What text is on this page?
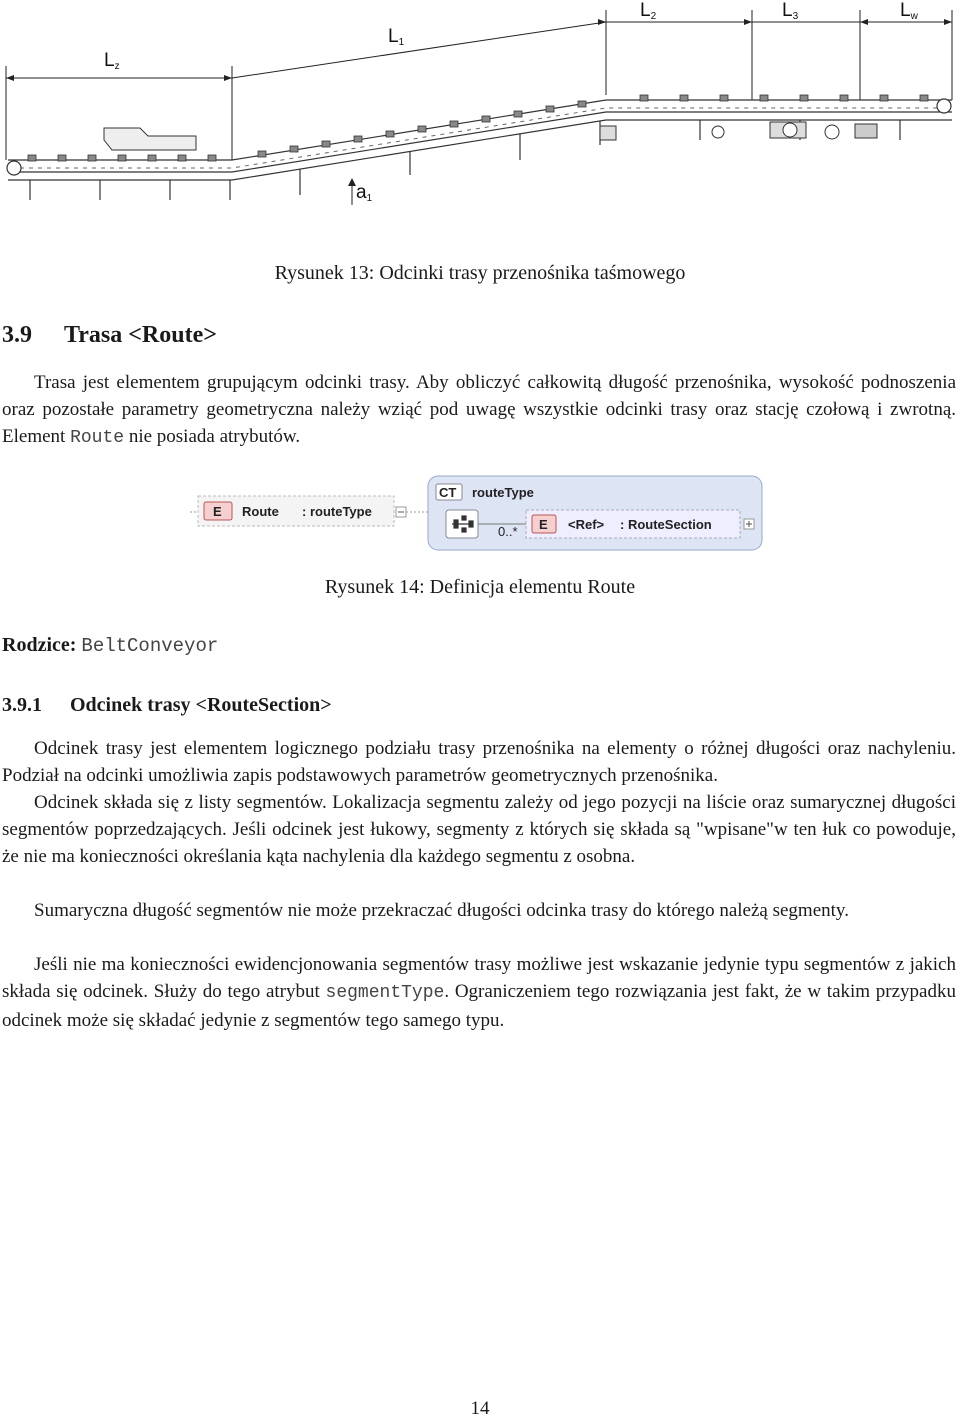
Lz
L1
L2	L3	Lw
a1
Rysunek 13: Odcinki trasy przenośnika taśmowego
3.9 Trasa <Route>

Trasa jest elementem grupującym odcinki trasy. Aby obliczyć całkowitą długość przenośnika, wysokość podnoszenia oraz pozostałe parametry geometryczna należy wziąć pod uwagę wszystkie odcinki trasy oraz stację czołową i zwrotną. Element Route nie posiada atrybutów.

E Route : routeType
CT routeType
0..* E <Ref> : RouteSection
Rysunek 14: Definicja elementu Route
Rodzice: BeltConveyor
3.9.1 Odcinek trasy <RouteSection>

Odcinek trasy jest elementem logicznego podziału trasy przenośnika na elementy o różnej długości oraz nachyleniu. Podział na odcinki umożliwia zapis podstawowych parametrów geometrycznych przenośnika.

Odcinek składa się z listy segmentów. Lokalizacja segmentu zależy od jego pozycji na liście oraz sumarycznej długości segmentów poprzedzających. Jeśli odcinek jest łukowy, segmenty z których się składa są "wpisane"w ten łuk co powoduje, że nie ma konieczności określania kąta nachylenia dla każdego segmentu z osobna.

Sumaryczna długość segmentów nie może przekraczać długości odcinka trasy do którego należą segmenty.

Jeśli nie ma konieczności ewidencjonowania segmentów trasy możliwe jest wskazanie jedynie typu segmentów z jakich składa się odcinek. Służy do tego atrybut segmentType. Ograniczeniem tego rozwiązania jest fakt, że w takim przypadku odcinek może się składać jedynie z segmentów tego samego typu.

14
